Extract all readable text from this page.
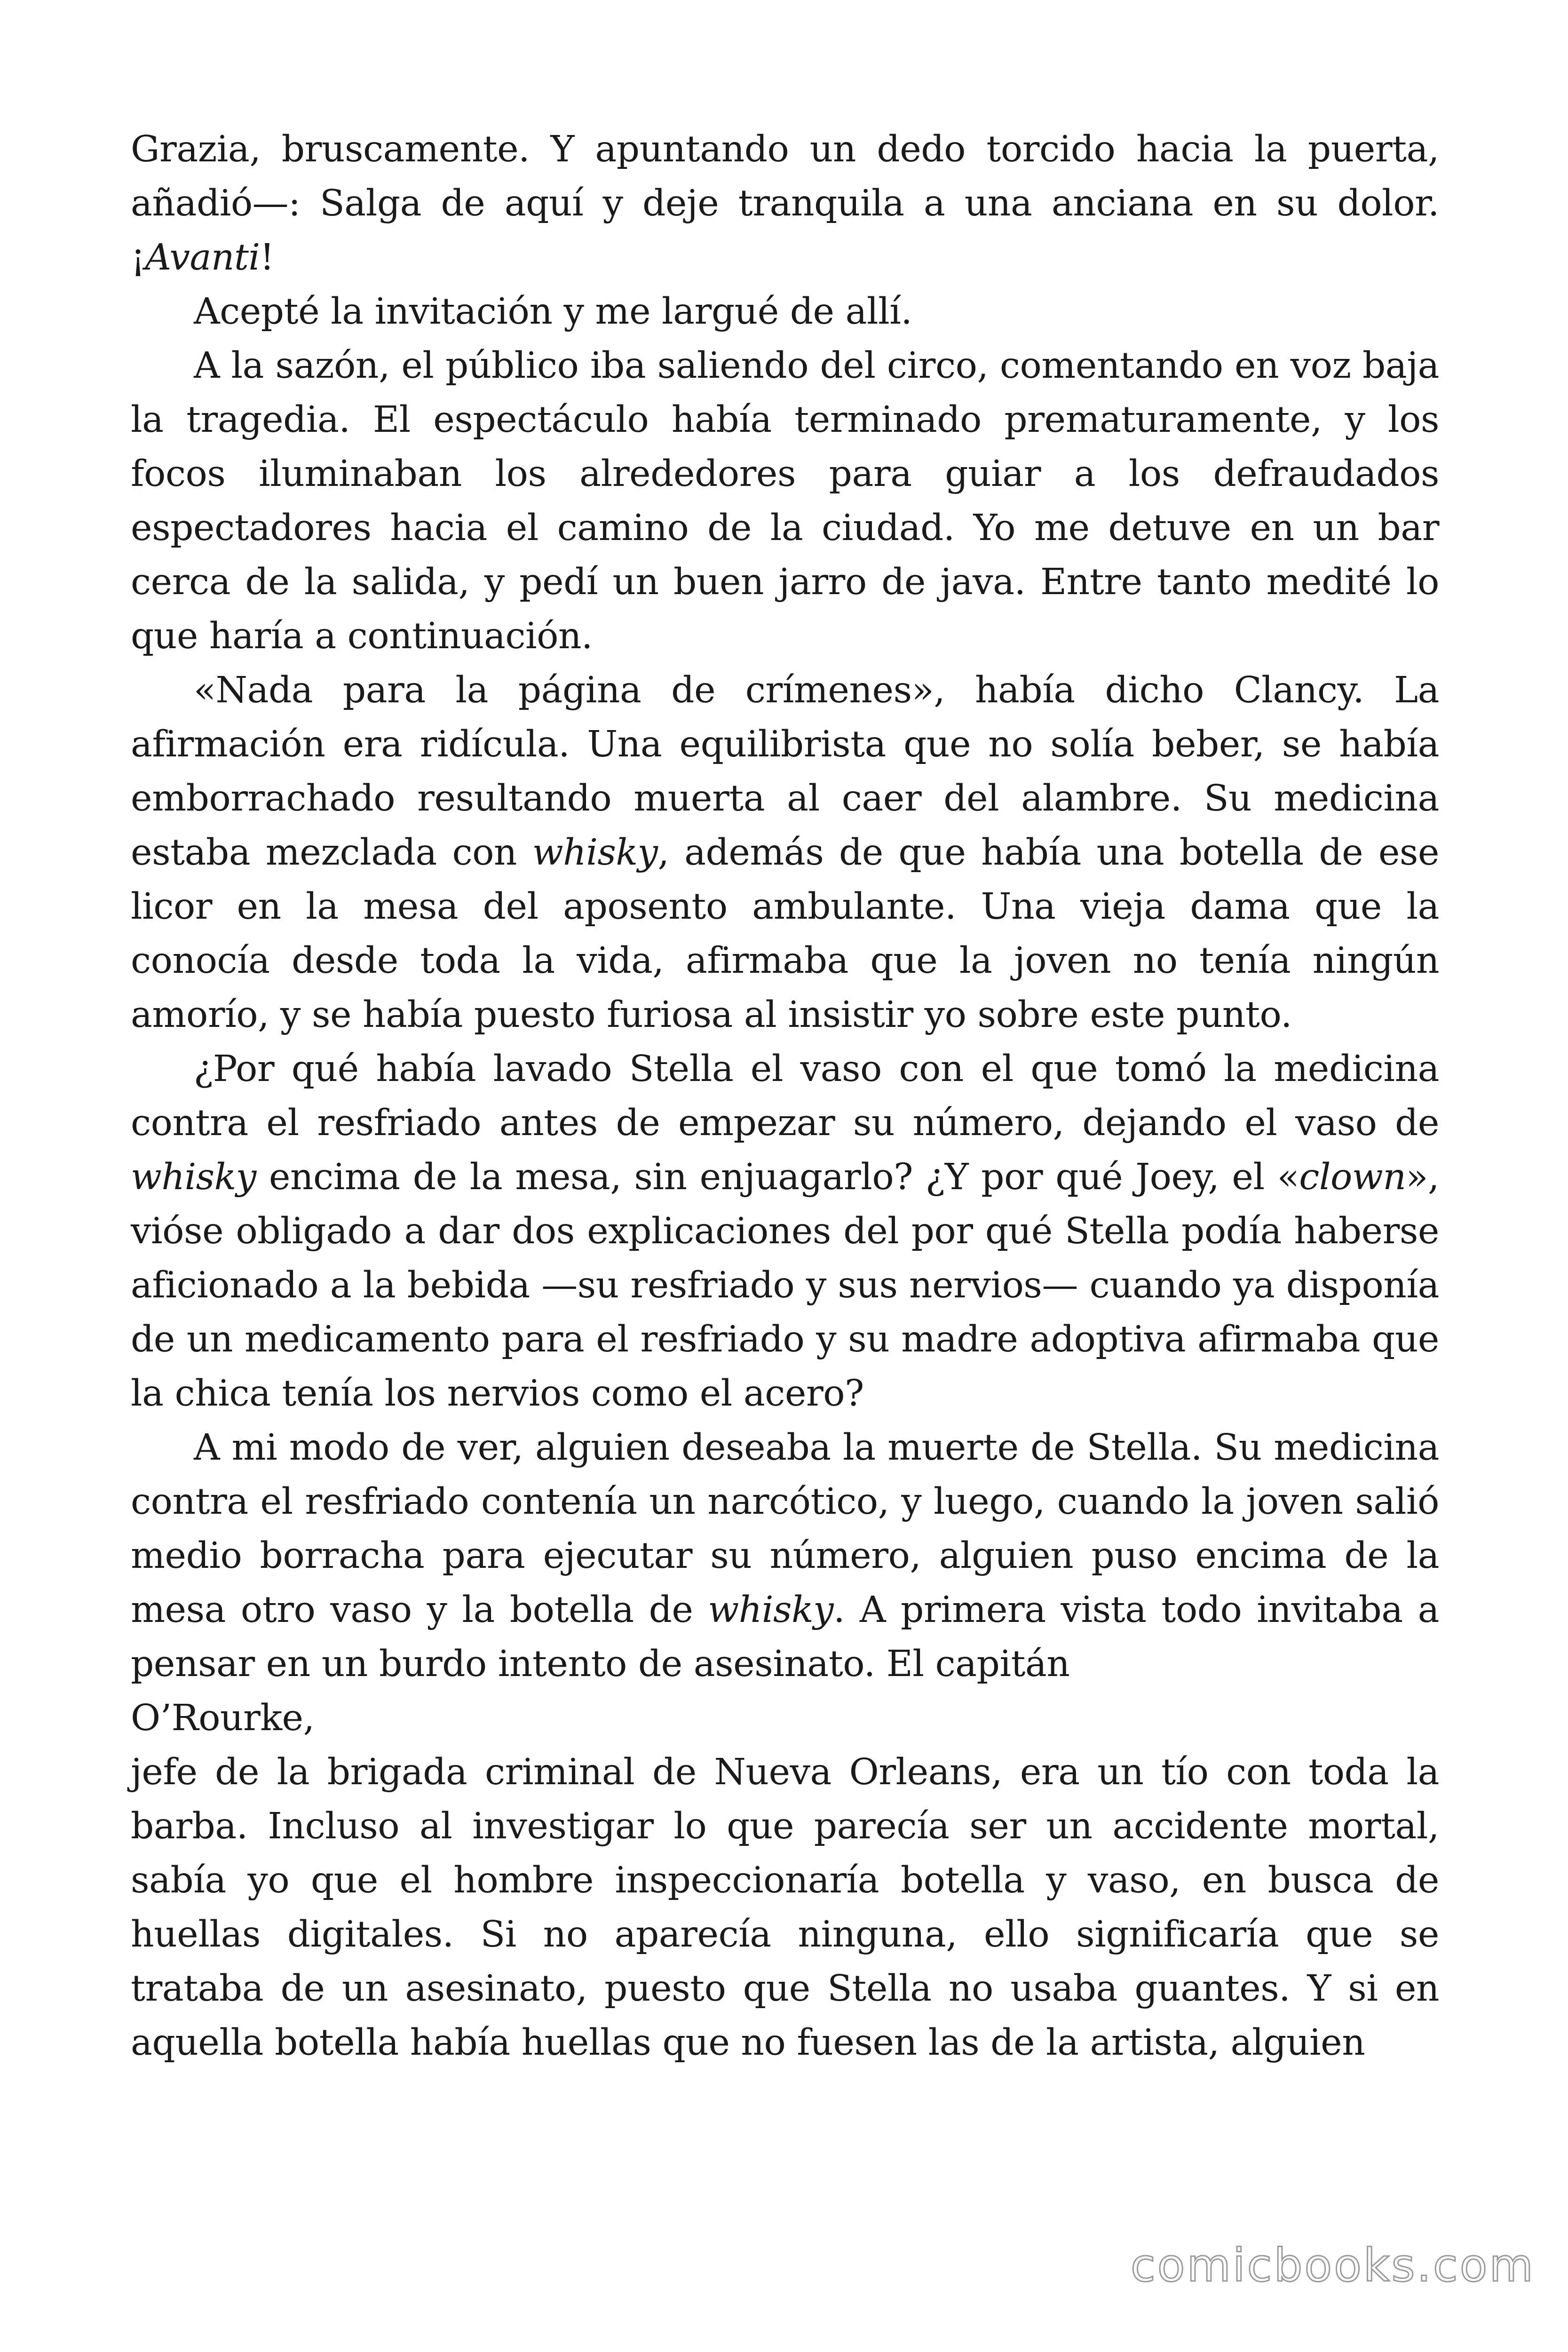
Grazia, bruscamente. Y apuntando un dedo torcido hacia la puerta, añadió—: Salga de aquí y deje tranquila a una anciana en su dolor. ¡Avanti!

Acepté la invitación y me largué de allí.

A la sazón, el público iba saliendo del circo, comentando en voz baja la tragedia. El espectáculo había terminado prematuramente, y los focos iluminaban los alrededores para guiar a los defraudados espectadores hacia el camino de la ciudad. Yo me detuve en un bar cerca de la salida, y pedí un buen jarro de java. Entre tanto medité lo que haría a continuación.

«Nada para la página de crímenes», había dicho Clancy. La afirmación era ridícula. Una equilibrista que no solía beber, se había emborrachado resultando muerta al caer del alambre. Su medicina estaba mezclada con whisky, además de que había una botella de ese licor en la mesa del aposento ambulante. Una vieja dama que la conocía desde toda la vida, afirmaba que la joven no tenía ningún amorío, y se había puesto furiosa al insistir yo sobre este punto.

¿Por qué había lavado Stella el vaso con el que tomó la medicina contra el resfriado antes de empezar su número, dejando el vaso de whisky encima de la mesa, sin enjuagarlo? ¿Y por qué Joey, el «clown», vióse obligado a dar dos explicaciones del por qué Stella podía haberse aficionado a la bebida —su resfriado y sus nervios— cuando ya disponía de un medicamento para el resfriado y su madre adoptiva afirmaba que la chica tenía los nervios como el acero?

A mi modo de ver, alguien deseaba la muerte de Stella. Su medicina contra el resfriado contenía un narcótico, y luego, cuando la joven salió medio borracha para ejecutar su número, alguien puso encima de la mesa otro vaso y la botella de whisky. A primera vista todo invitaba a pensar en un burdo intento de asesinato. El capitán

O’Rourke,

jefe de la brigada criminal de Nueva Orleans, era un tío con toda la barba. Incluso al investigar lo que parecía ser un accidente mortal, sabía yo que el hombre inspeccionaría botella y vaso, en busca de huellas digitales. Si no aparecía ninguna, ello significaría que se trataba de un asesinato, puesto que Stella no usaba guantes. Y si en aquella botella había huellas que no fuesen las de la artista, alguien

comicbooks.com
